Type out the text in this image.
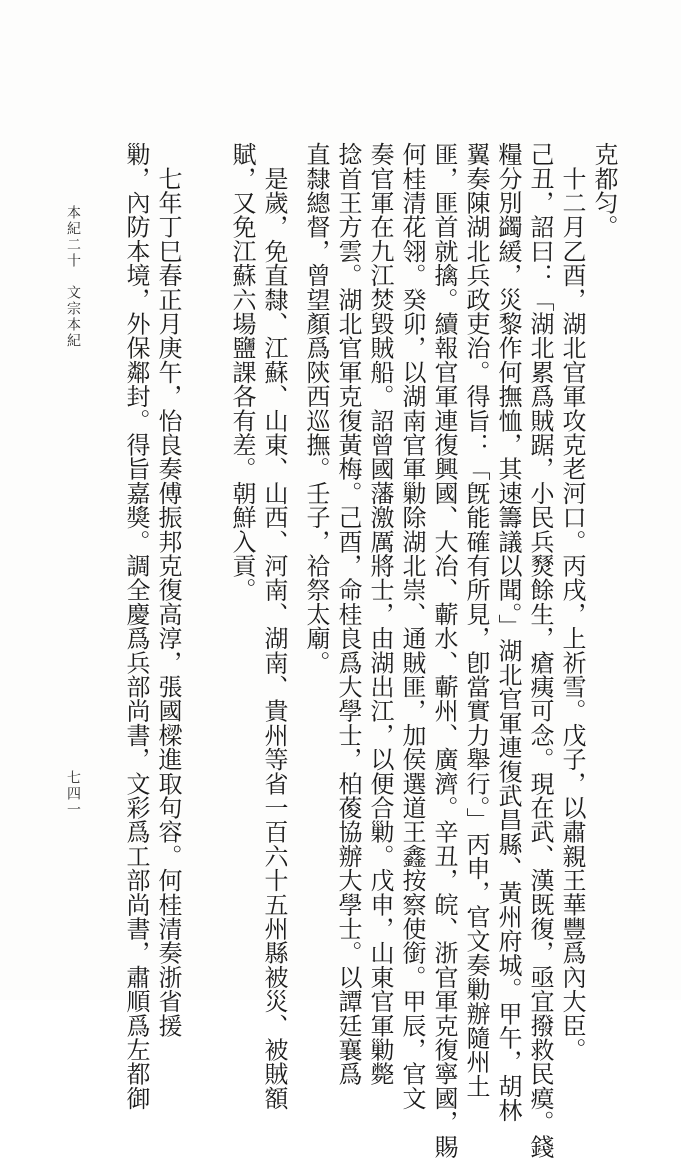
克都匀。
　十二月乙酉，湖北官軍攻克老河口。丙戌，上祈雪。戊子，以肅親王華豐爲內大臣。
己丑，詔曰：「湖北累爲賊踞，小民兵燹餘生，瘡痍可念。現在武、漢既復，亟宜撥救民瘼。錢
糧分別蠲緩，災黎作何撫恤，其速籌議以聞。」湖北官軍連復武昌縣、黃州府城。甲午，胡林
翼奏陳湖北兵政吏治。得旨：「旣能確有所見，卽當實力舉行。」丙申，官文奏勦辦隨州土
匪，匪首就擒。續報官軍連復興國、大冶、蘄水、蘄州、廣濟。辛丑，皖、浙官軍克復寧國，賜
何桂清花翎。癸卯，以湖南官軍勦除湖北崇、通賊匪，加侯選道王鑫按察使銜。甲辰，官文
奏官軍在九江焚毀賊船。詔曾國藩激厲將士，由湖出江，以便合勦。戊申，山東官軍勦斃
捻首王方雲。湖北官軍克復黃梅。己酉，命桂良爲大學士，柏葰協辦大學士。以譚廷襄爲
直隸總督，曾望顏爲陝西巡撫。壬子，祫祭太廟。
　是歲，免直隸、江蘇、山東、山西、河南、湖南、貴州等省一百六十五州縣被災、被賊額
賦，又免江蘇六場鹽課各有差。朝鮮入貢。
　七年丁巳春正月庚午，怡良奏傅振邦克復高淳，張國樑進取句容。何桂清奏浙省援
勦，內防本境，外保鄰封。得旨嘉獎。調全慶爲兵部尚書，文彩爲工部尚書，肅順爲左都御
本紀二十　文宗本紀
七四一
